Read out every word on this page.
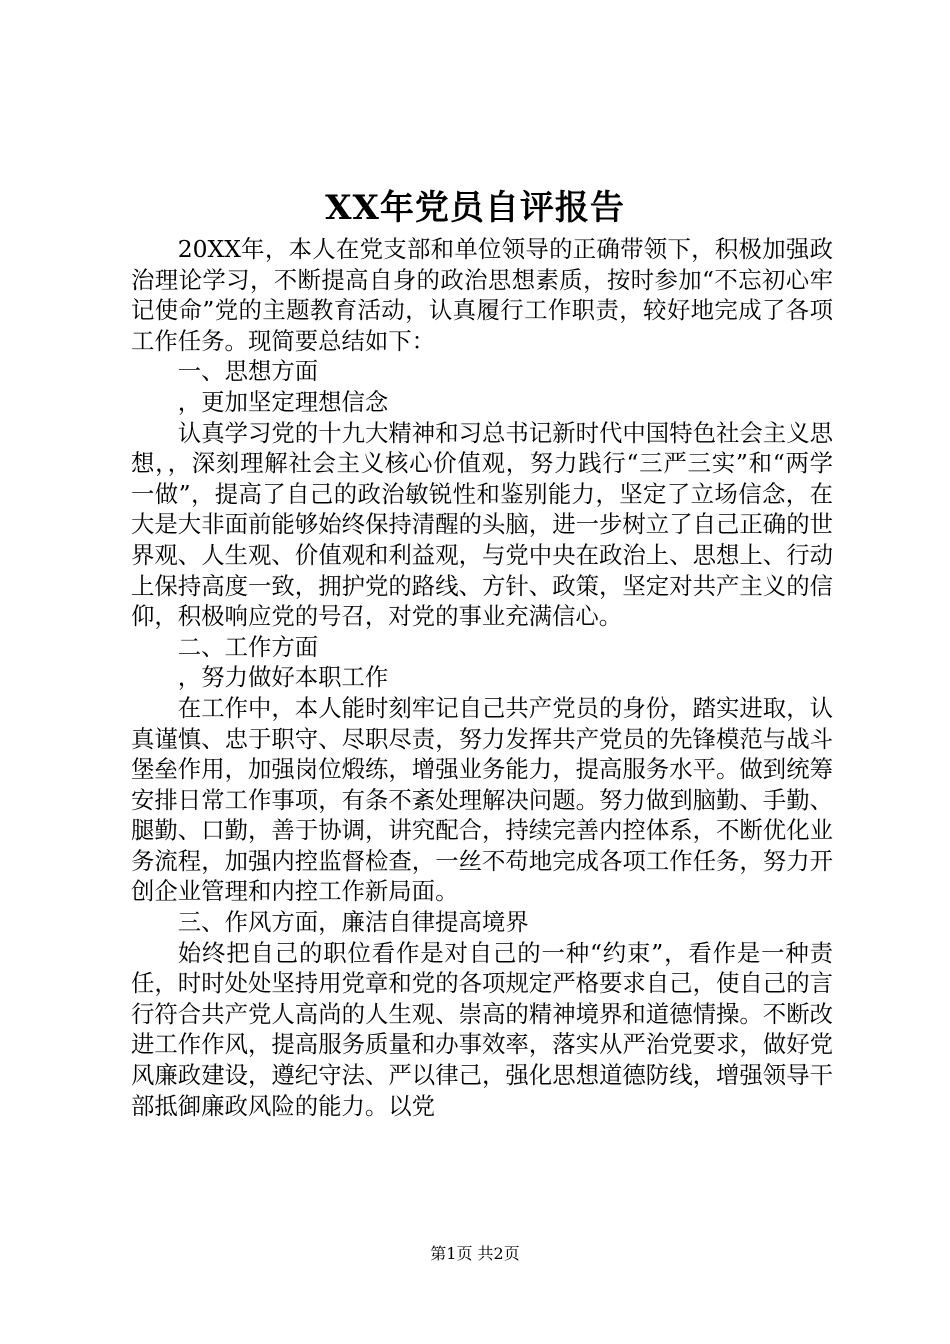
XX年党员自评报告

20XX年，本人在党支部和单位领导的正确带领下，积极加强政治理论学习，不断提高自身的政治思想素质，按时参加“不忘初心牢记使命”党的主题教育活动，认真履行工作职责，较好地完成了各项工作任务。现简要总结如下：

一、思想方面

，更加坚定理想信念

认真学习党的十九大精神和习总书记新时代中国特色社会主义思想，，深刻理解社会主义核心价值观，努力践行“三严三实”和“两学一做”，提高了自己的政治敏锐性和鉴别能力，坚定了立场信念，在大是大非面前能够始终保持清醒的头脑，进一步树立了自己正确的世界观、人生观、价值观和利益观，与党中央在政治上、思想上、行动上保持高度一致，拥护党的路线、方针、政策，坚定对共产主义的信仰，积极响应党的号召，对党的事业充满信心。

二、工作方面

，努力做好本职工作

在工作中，本人能时刻牢记自己共产党员的身份，踏实进取，认真谨慎、忠于职守、尽职尽责，努力发挥共产党员的先锋模范与战斗堡垒作用，加强岗位煅练，增强业务能力，提高服务水平。做到统筹安排日常工作事项，有条不紊处理解决问题。努力做到脑勤、手勤、腿勤、口勤，善于协调，讲究配合，持续完善内控体系，不断优化业务流程，加强内控监督检查，一丝不苟地完成各项工作任务，努力开创企业管理和内控工作新局面。

三、作风方面，廉洁自律提高境界

始终把自己的职位看作是对自己的一种“约束”，看作是一种责任，时时处处坚持用党章和党的各项规定严格要求自己，使自己的言行符合共产党人高尚的人生观、崇高的精神境界和道德情操。不断改进工作作风，提高服务质量和办事效率，落实从严治党要求，做好党风廉政建设，遵纪守法、严以律己，强化思想道德防线，增强领导干部抵御廉政风险的能力。以党

第1页 共2页
